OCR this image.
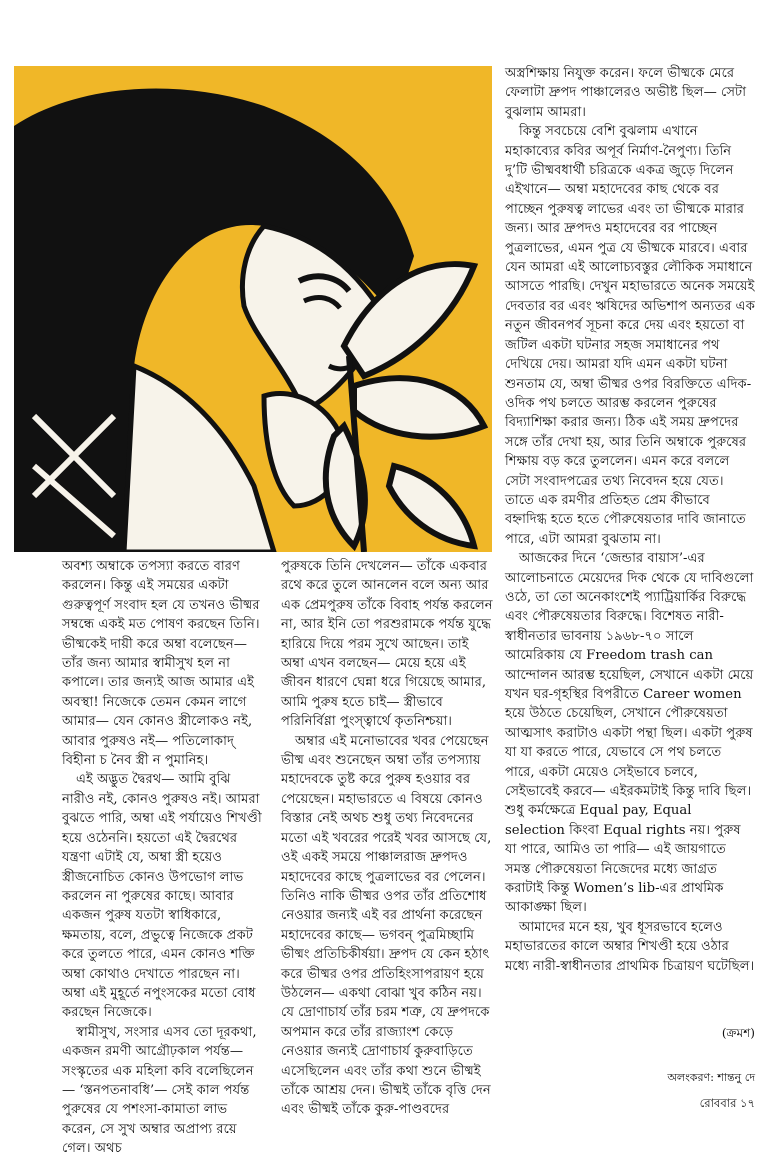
অস্ত্রশিক্ষায় নিযুক্ত করেন। ফলে ভীষ্মকে মেরে ফেলাটা দ্রুপদ পাঞ্চালেরও অভীষ্ট ছিল— সেটা বুঝলাম আমরা।

কিন্তু সবচেয়ে বেশি বুঝলাম এখানে মহাকাব্যের কবির অপূর্ব নির্মাণ-নৈপুণ্য। তিনি দু’টি ভীষ্মবধার্থী চরিত্রকে একত্র জুড়ে দিলেন এইখানে— অম্বা মহাদেবের কাছ থেকে বর পাচ্ছেন পুরুষত্ব লাভের এবং তা ভীষ্মকে মারার জন্য। আর দ্রুপদও মহাদেবের বর পাচ্ছেন পুত্রলাভের, এমন পুত্র যে ভীষ্মকে মারবে। এবার যেন আমরা এই আলোচ্যবস্তুর লৌকিক সমাধানে আসতে পারছি। দেখুন মহাভারতে অনেক সময়েই দেবতার বর এবং ঋষিদের অভিশাপ অন্যতর এক নতুন জীবনপর্ব সূচনা করে দেয় এবং হয়তো বা জটিল একটা ঘটনার সহজ সমাধানের পথ দেখিয়ে দেয়। আমরা যদি এমন একটা ঘটনা শুনতাম যে, অম্বা ভীষ্মর ওপর বিরক্তিতে এদিক-ওদিক পথ চলতে আরম্ভ করলেন পুরুষের বিদ্যাশিক্ষা করার জন্য। ঠিক এই সময় দ্রুপদের সঙ্গে তাঁর দেখা হয়, আর তিনি অম্বাকে পুরুষের শিক্ষায় বড় করে তুললেন। এমন করে বললে সেটা সংবাদপত্রের তথ্য নিবেদন হয়ে যেত। তাতে এক রমণীর প্রতিহত প্রেম কীভাবে বহ্নাদিগ্ধ হতে হতে পৌরুষেয়তার দাবি জানাতে পারে, এটা আমরা বুঝতাম না।

আজকের দিনে ‘জেন্ডার বায়াস’-এর আলোচনাতে মেয়েদের দিক থেকে যে দাবিগুলো ওঠে, তা তো অনেকাংশেই প্যাট্রিয়ার্কির বিরুদ্ধে এবং পৌরুষেয়তার বিরুদ্ধে। বিশেষত নারী-স্বাধীনতার ভাবনায় ১৯৬৮-৭০ সালে আমেরিকায় যে Freedom trash can আন্দোলন আরম্ভ হয়েছিল, সেখানে একটা মেয়ে যখন ঘর-গৃহস্থির বিপরীতে Career women হয়ে উঠতে চেয়েছিল, সেখানে পৌরুষেয়তা আত্মসাৎ করাটাও একটা পন্থা ছিল। একটা পুরুষ যা যা করতে পারে, যেভাবে সে পথ চলতে পারে, একটা মেয়েও সেইভাবে চলবে, সেইভাবেই করবে— এইরকমটাই কিন্তু দাবি ছিল। শুধু কর্মক্ষেত্রে Equal pay, Equal selection কিংবা Equal rights নয়। পুরুষ যা পারে, আমিও তা পারি— এই জায়গাতে সমস্ত পৌরুষেয়তা নিজেদের মধ্যে জাগ্রত করাটাই কিন্তু Women’s lib-এর প্রাথমিক আকাঙ্ক্ষা ছিল।

আমাদের মনে হয়, খুব ধূসরভাবে হলেও মহাভারতের কালে অম্বার শিখণ্ডী হয়ে ওঠার মধ্যে নারী-স্বাধীনতার প্রাথমিক চিত্রায়ণ ঘটেছিল।

অবশ্য অম্বাকে তপস্যা করতে বারণ করলেন। কিন্তু এই সময়ের একটা গুরুত্বপূর্ণ সংবাদ হল যে তখনও ভীষ্মর সম্বন্ধে একই মত পোষণ করছেন তিনি। ভীষ্মকেই দায়ী করে অম্বা বলেছেন— তাঁর জন্য আমার স্বামীসুখ হল না কপালে। তার জন্যই আজ আমার এই অবস্থা! নিজেকে তেমন কেমন লাগে আমার— যেন কোনও স্ত্রীলোকও নই, আবার পুরুষও নই— পতিলোকাদ্‌ বিহীনা চ নৈব স্ত্রী ন পুমানিহ।

এই অদ্ভুত দ্বৈরথ— আমি বুঝি নারীও নই, কোনও পুরুষও নই। আমরা বুঝতে পারি, অম্বা এই পর্যায়েও শিখণ্ডী হয়ে ওঠেননি। হয়তো এই দ্বৈরথের যন্ত্রণা এটাই যে, অম্বা স্ত্রী হয়েও স্ত্রীজনোচিত কোনও উপভোগ লাভ করলেন না পুরুষের কাছে। আবার একজন পুরুষ যতটা স্বাধিকারে, ক্ষমতায়, বলে, প্রভুত্বে নিজেকে প্রকট করে তুলতে পারে, এমন কোনও শক্তি অম্বা কোথাও দেখাতে পারছেন না। অম্বা এই মুহূর্তে নপুংসকের মতো বোধ করছেন নিজেকে।

স্বামীসুখ, সংসার এসব তো দূরকথা, একজন রমণী আগ্রৌঢ়কাল পর্যন্ত— সংস্কৃতের এক মহিলা কবি বলেছিলেন— ‘স্তনপতনাবধি’— সেই কাল পর্যন্ত পুরুষের যে পশংসা-কামাতা লাভ করেন, সে সুখ অম্বার অপ্রাপ্য রয়ে গেল। অথচ

পুরুষকে তিনি দেখলেন— তাঁকে একবার রথে করে তুলে আনলেন বলে অন্য আর এক প্রেমপুরুষ তাঁকে বিবাহ পর্যন্ত করলেন না, আর ইনি তো পরশুরামকে পর্যন্ত যুদ্ধে হারিয়ে দিয়ে পরম সুখে আছেন। তাই অম্বা এখন বলছেন— মেয়ে হয়ে এই জীবন ধারণে ঘেন্না ধরে গিয়েছে আমার, আমি পুরুষ হতে চাই— স্ত্রীভাবে পরিনির্বিণ্ণা পুংস্ত্বার্থে কৃতনিশ্চয়া।

অম্বার এই মনোভাবের খবর পেয়েছেন ভীষ্ম এবং শুনেছেন অম্বা তাঁর তপস্যায় মহাদেবকে তুষ্ট করে পুরুষ হওয়ার বর পেয়েছেন। মহাভারতে এ বিষয়ে কোনও বিস্তার নেই অথচ শুধু তথ্য নিবেদনের মতো এই খবরের পরেই খবর আসছে যে, ওই একই সময়ে পাঞ্চালরাজ দ্রুপদও মহাদেবের কাছে পুত্রলাভের বর পেলেন। তিনিও নাকি ভীষ্মর ওপর তাঁর প্রতিশোধ নেওয়ার জন্যই এই বর প্রার্থনা করেছেন মহাদেবের কাছে— ভগবন্‌ পুত্রমিচ্ছামি ভীষ্মং প্রতিচিকীর্ষয়া। দ্রুপদ যে কেন হঠাৎ করে ভীষ্মর ওপর প্রতিহিংসাপরায়ণ হয়ে উঠলেন— একথা বোঝা খুব কঠিন নয়। যে দ্রোণাচার্য তাঁর চরম শত্রু, যে দ্রুপদকে অপমান করে তাঁর রাজ্যাংশ কেড়ে নেওয়ার জন্যই দ্রোণাচার্য কুরুবাড়িতে এসেছিলেন এবং তাঁর কথা শুনে ভীষ্মই তাঁকে আশ্রয় দেন। ভীষ্মই তাঁকে বৃত্তি দেন এবং ভীষ্মই তাঁকে কুরু-পাণ্ডবদের

(ক্রমশ)
অলংকরণ: শান্তনু দে
রোববার ১৭
